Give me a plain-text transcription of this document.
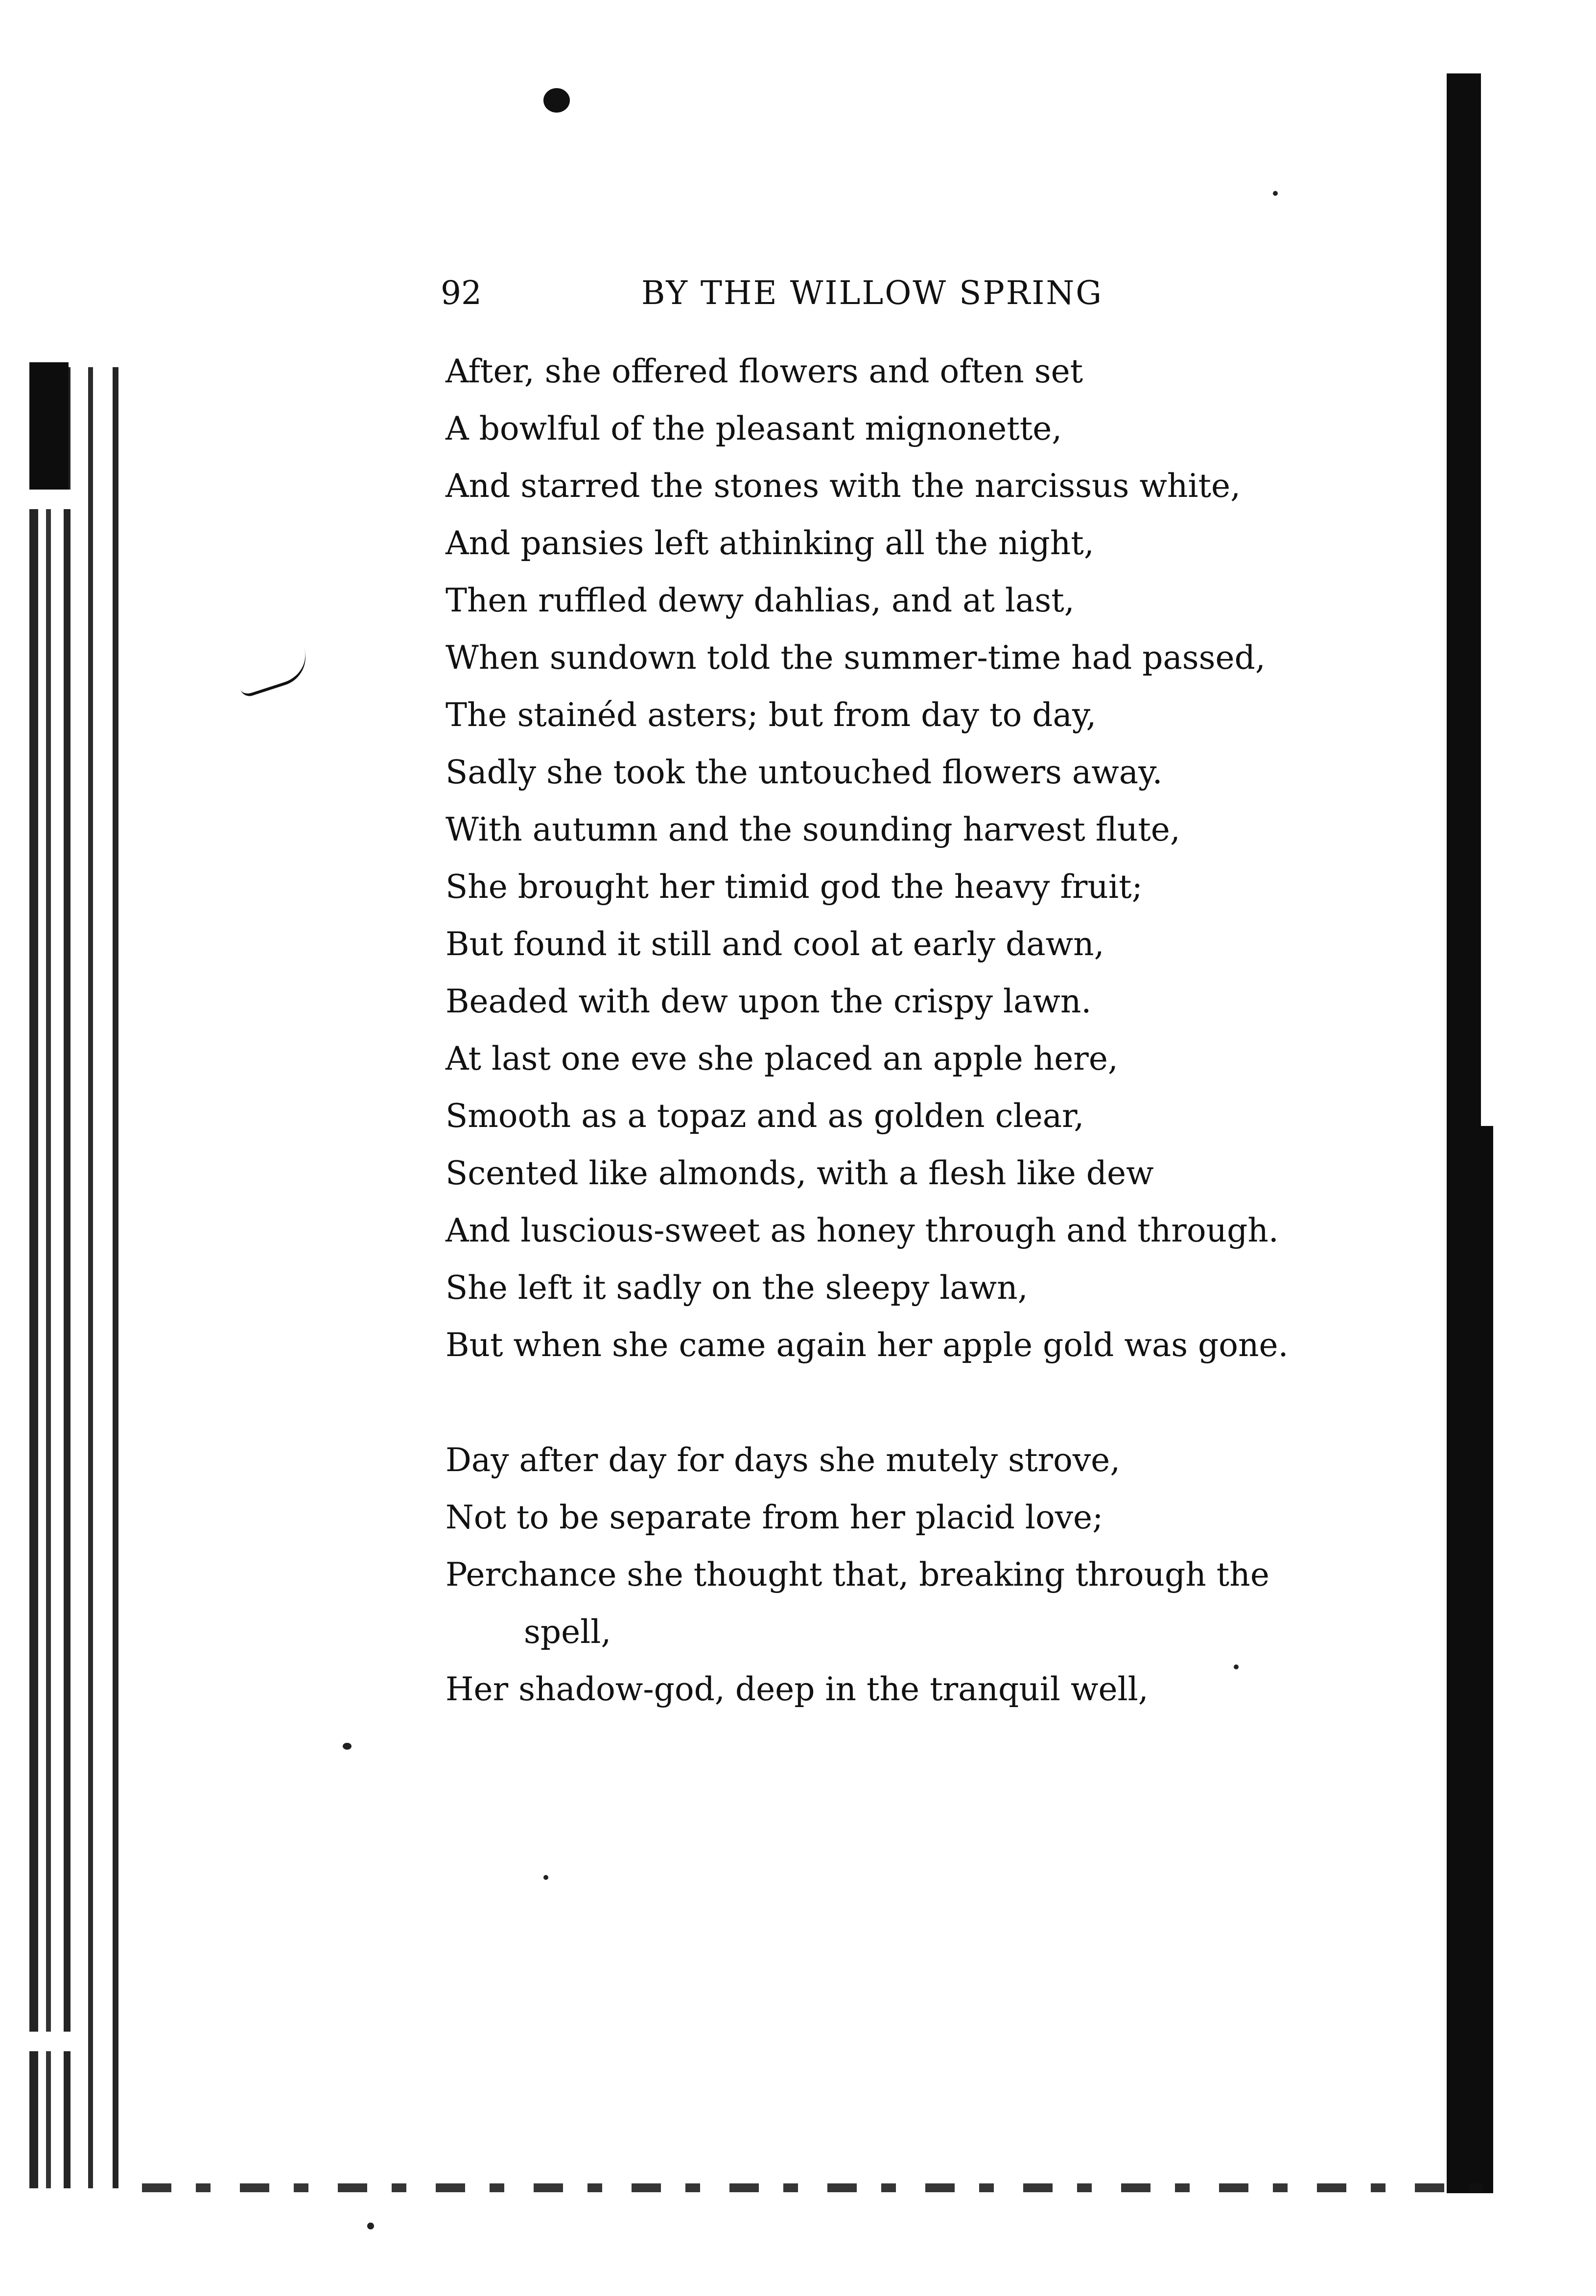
92	BY THE WILLOW SPRING
After, she offered flowers and often set
A bowlful of the pleasant mignonette,
And starred the stones with the narcissus white,
And pansies left athinking all the night,
Then ruffled dewy dahlias, and at last,
When sundown told the summer-time had passed,
The stainéd asters; but from day to day,
Sadly she took the untouched flowers away.
With autumn and the sounding harvest flute,
She brought her timid god the heavy fruit;
But found it still and cool at early dawn,
Beaded with dew upon the crispy lawn.
At last one eve she placed an apple here,
Smooth as a topaz and as golden clear,
Scented like almonds, with a flesh like dew
And luscious-sweet as honey through and through.
She left it sadly on the sleepy lawn,
But when she came again her apple gold was gone.
Day after day for days she mutely strove,
Not to be separate from her placid love;
Perchance she thought that, breaking through the
spell,
Her shadow-god, deep in the tranquil well,
